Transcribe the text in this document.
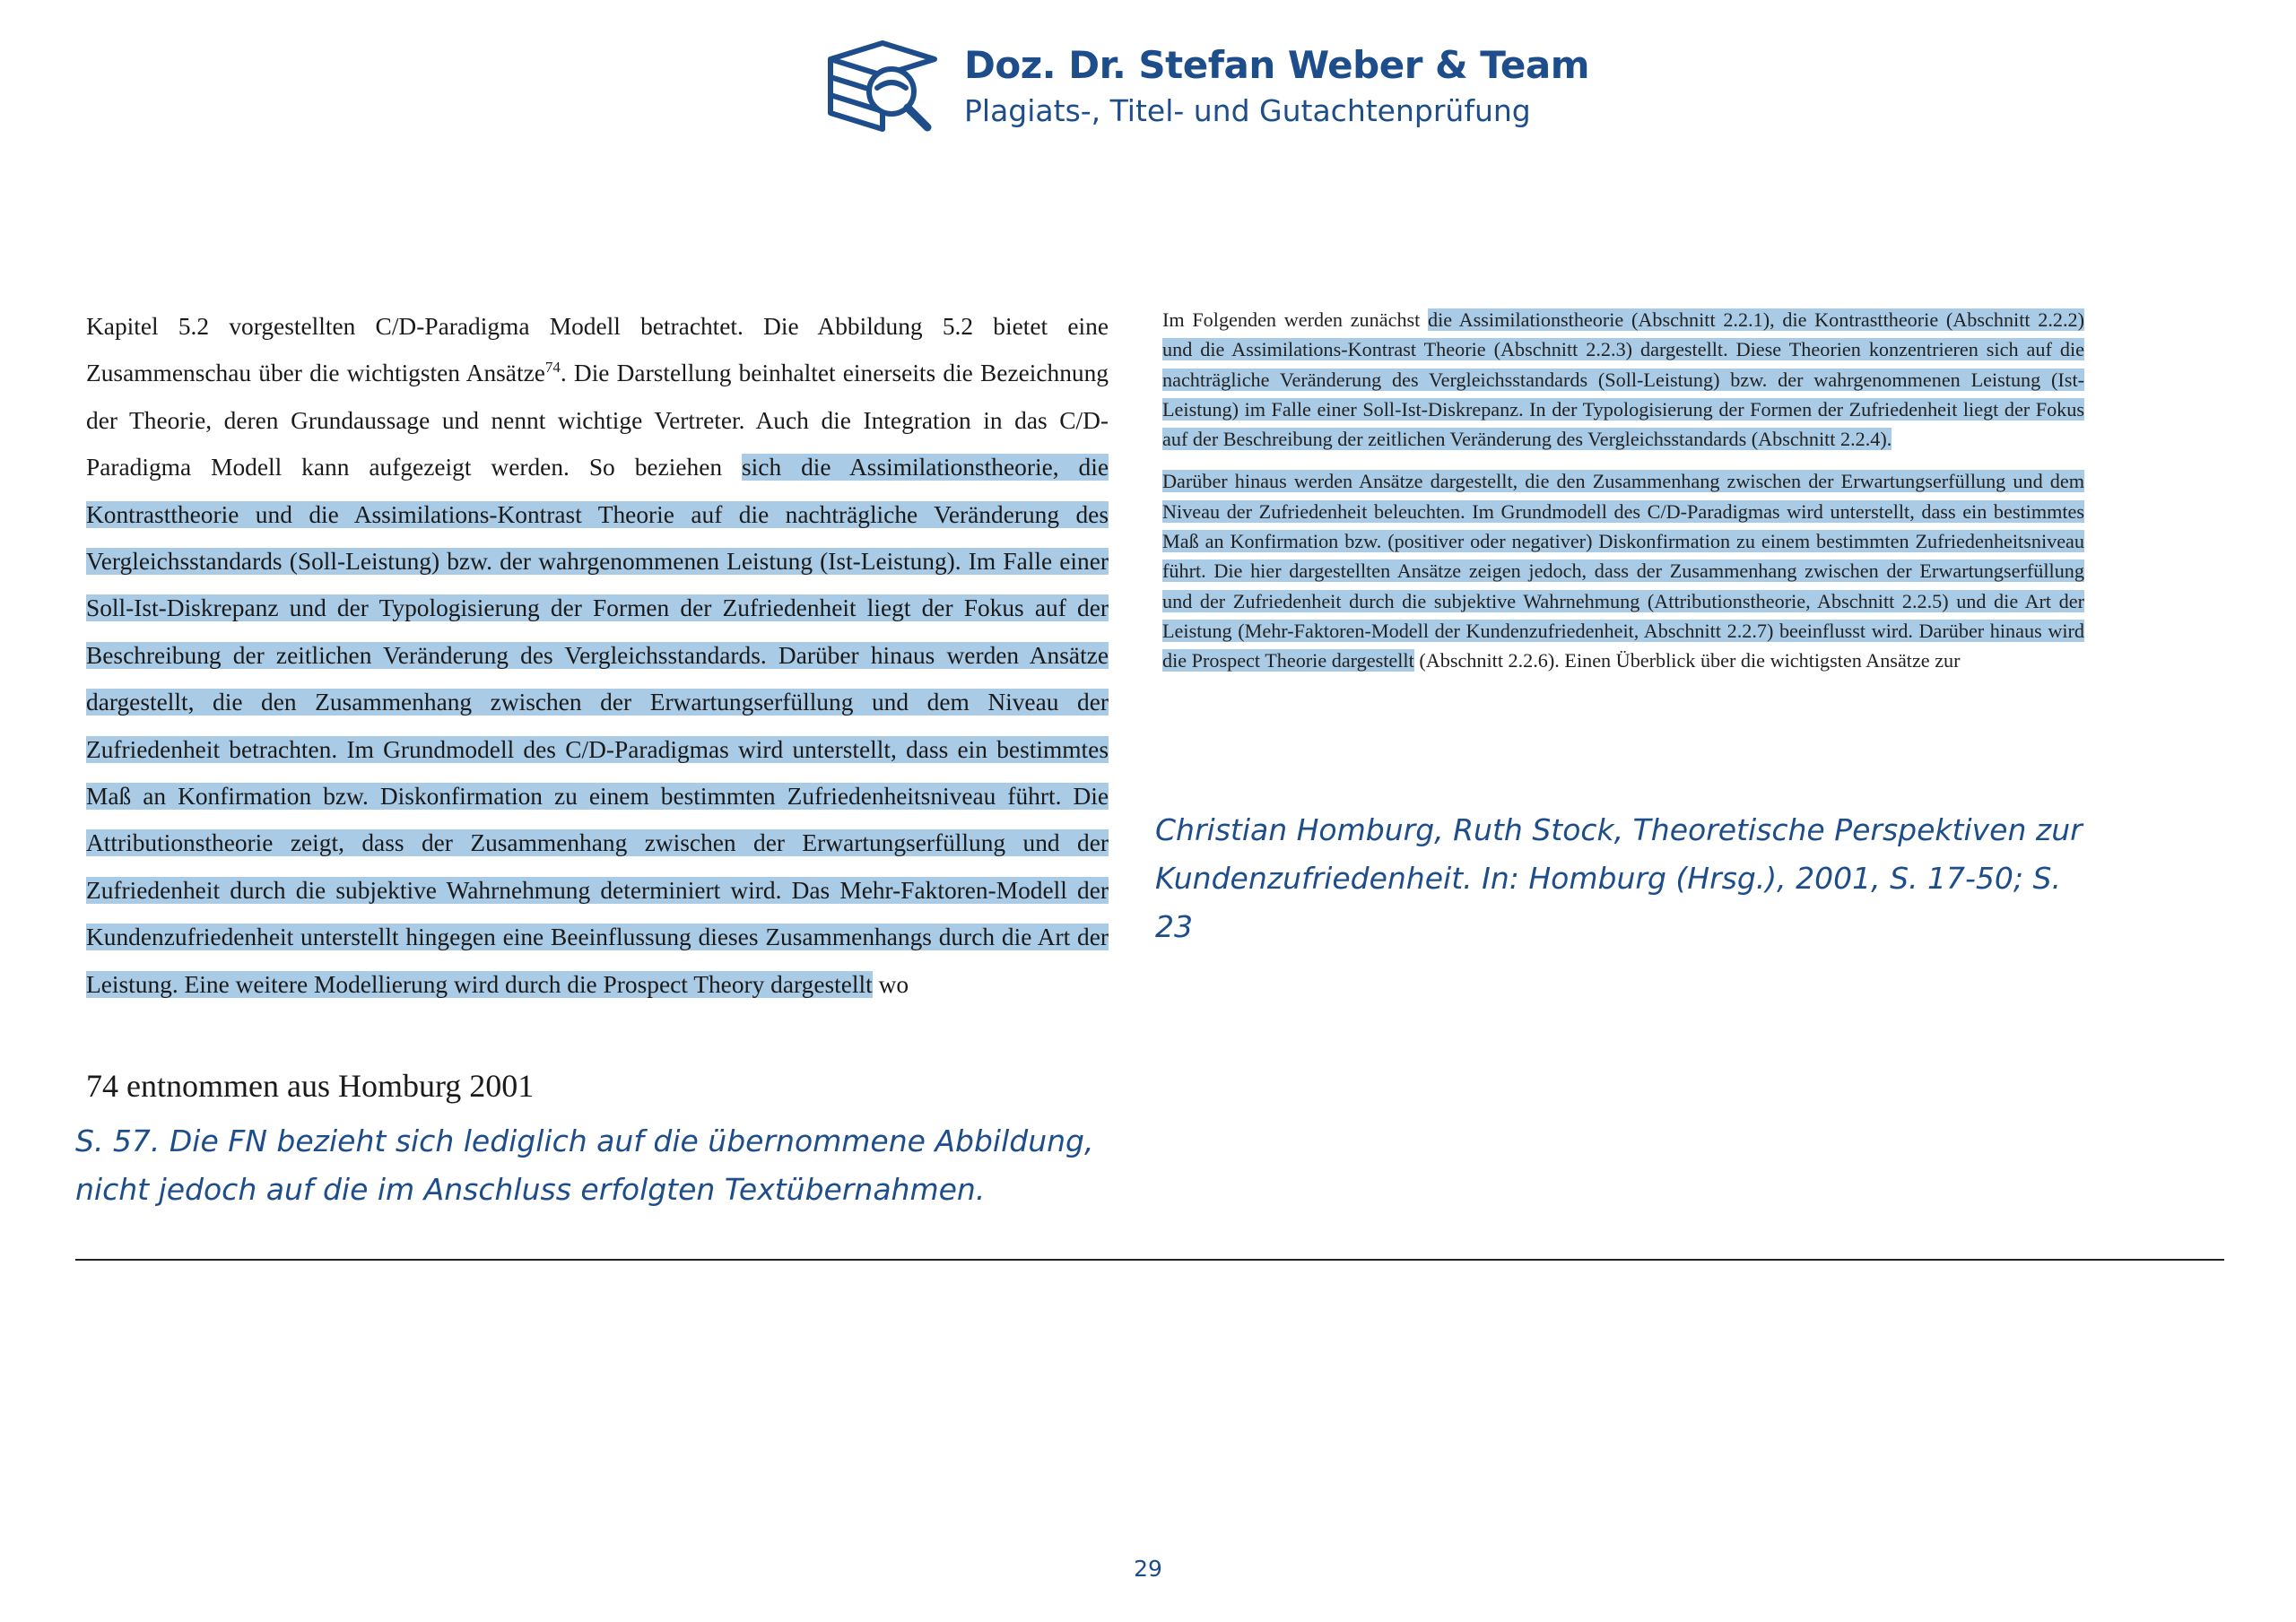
Doz. Dr. Stefan Weber & Team
Plagiats-, Titel- und Gutachtenprüfung
Kapitel 5.2 vorgestellten C/D-Paradigma Modell betrachtet. Die Abbildung 5.2 bietet eine Zusammenschau über die wichtigsten Ansätze$^{74}$. Die Darstellung beinhaltet einerseits die Bezeichnung der Theorie, deren Grundaussage und nennt wichtige Vertreter. Auch die Integration in das C/D-Paradigma Modell kann aufgezeigt werden. So beziehen sich die Assimilationstheorie, die Kontrasttheorie und die Assimilations-Kontrast Theorie auf die nachträgliche Veränderung des Vergleichsstandards (Soll-Leistung) bzw. der wahrgenommenen Leistung (Ist-Leistung). Im Falle einer Soll-Ist-Diskrepanz und der Typologisierung der Formen der Zufriedenheit liegt der Fokus auf der Beschreibung der zeitlichen Veränderung des Vergleichsstandards. Darüber hinaus werden Ansätze dargestellt, die den Zusammenhang zwischen der Erwartungserfüllung und dem Niveau der Zufriedenheit betrachten. Im Grundmodell des C/D-Paradigmas wird unterstellt, dass ein bestimmtes Maß an Konfirmation bzw. Diskonfirmation zu einem bestimmten Zufriedenheitsniveau führt. Die Attributionstheorie zeigt, dass der Zusammenhang zwischen der Erwartungserfüllung und der Zufriedenheit durch die subjektive Wahrnehmung determiniert wird. Das Mehr-Faktoren-Modell der Kundenzufriedenheit unterstellt hingegen eine Beeinflussung dieses Zusammenhangs durch die Art der Leistung. Eine weitere Modellierung wird durch die Prospect Theory dargestellt wo
74 entnommen aus Homburg 2001
S. 57. Die FN bezieht sich lediglich auf die übernommene Abbildung, nicht jedoch auf die im Anschluss erfolgten Textübernahmen.

Im Folgenden werden zunächst die Assimilationstheorie (Abschnitt 2.2.1), die Kontrasttheorie (Abschnitt 2.2.2) und die Assimilations-Kontrast Theorie (Abschnitt 2.2.3) dargestellt. Diese Theorien konzentrieren sich auf die nachträgliche Veränderung des Vergleichsstandards (Soll-Leistung) bzw. der wahrgenommenen Leistung (Ist-Leistung) im Falle einer Soll-Ist-Diskrepanz. In der Typologisierung der Formen der Zufriedenheit liegt der Fokus auf der Beschreibung der zeitlichen Veränderung des Vergleichsstandards (Abschnitt 2.2.4).

Darüber hinaus werden Ansätze dargestellt, die den Zusammenhang zwischen der Erwartungserfüllung und dem Niveau der Zufriedenheit beleuchten. Im Grundmodell des C/D-Paradigmas wird unterstellt, dass ein bestimmtes Maß an Konfirmation bzw. (positiver oder negativer) Diskonfirmation zu einem bestimmten Zufriedenheitsniveau führt. Die hier dargestellten Ansätze zeigen jedoch, dass der Zusammenhang zwischen der Erwartungserfüllung und der Zufriedenheit durch die subjektive Wahrnehmung (Attributionstheorie, Abschnitt 2.2.5) und die Art der Leistung (Mehr-Faktoren-Modell der Kundenzufriedenheit, Abschnitt 2.2.7) beeinflusst wird. Darüber hinaus wird die Prospect Theorie dargestellt (Abschnitt 2.2.6). Einen Überblick über die wichtigsten Ansätze zur

Christian Homburg, Ruth Stock, Theoretische Perspektiven zur Kundenzufriedenheit. In: Homburg (Hrsg.), 2001, S. 17-50; S. 23
29
